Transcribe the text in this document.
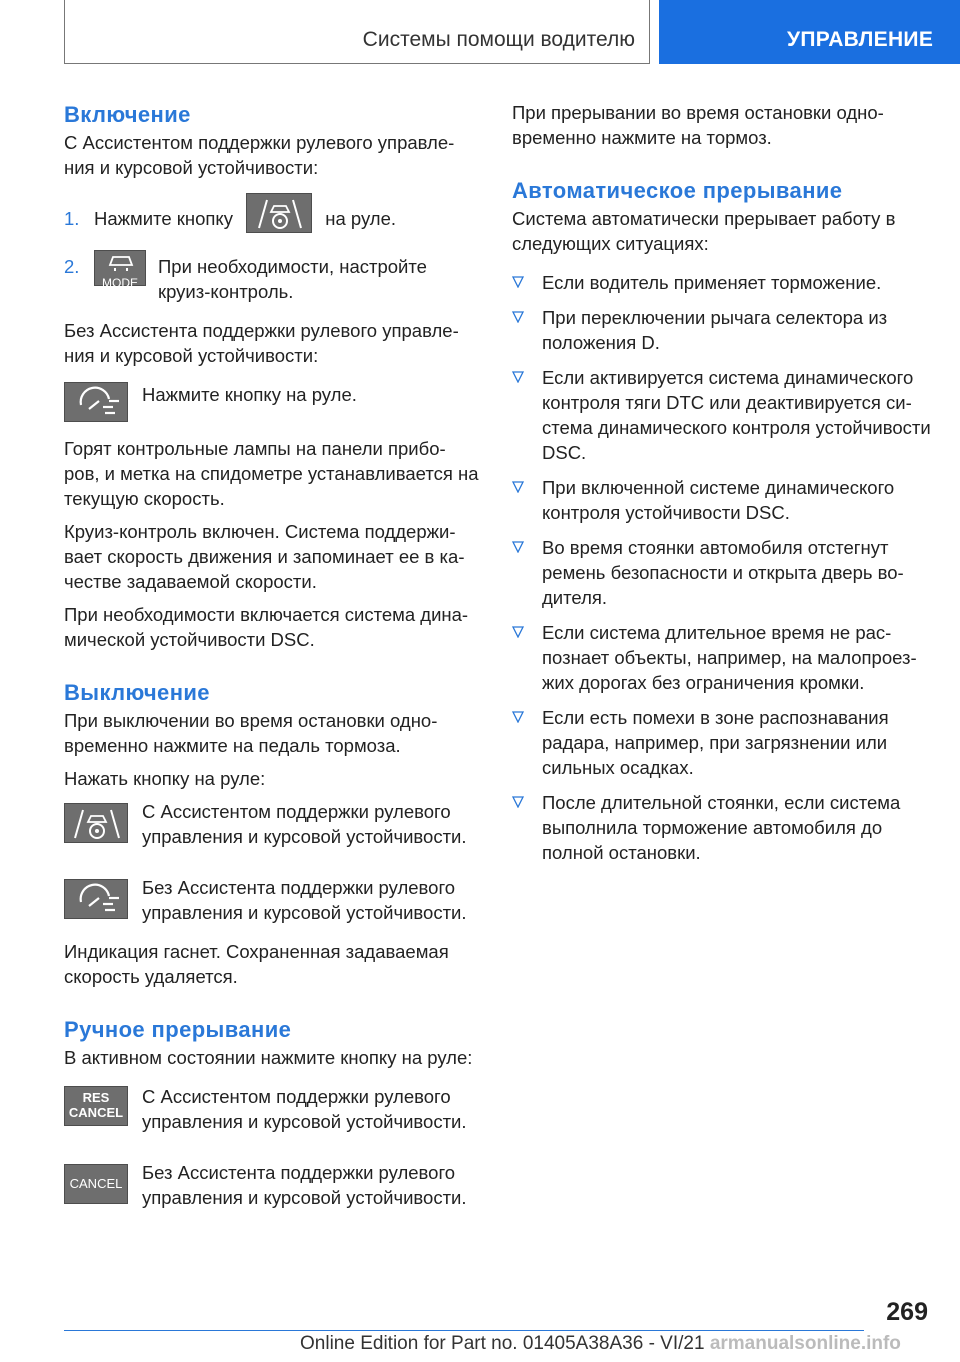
Системы помощи водителю	УПРАВЛЕНИЕ
Включение

С Ассистентом поддержки рулевого управле-ния и курсовой устойчивости:

1. Нажмите кнопку	на руле.
2.
MODE
При необходимости, настройте круиз-контроль.

Без Ассистента поддержки рулевого управле-ния и курсовой устойчивости:

Нажмите кнопку на руле.

Горят контрольные лампы на панели прибо-ров, и метка на спидометре устанавливается на текущую скорость.

Круиз-контроль включен. Система поддержи-вает скорость движения и запоминает ее в ка-честве задаваемой скорости.

При необходимости включается система дина-мической устойчивости DSC.

Выключение

При выключении во время остановки одно-временно нажмите на педаль тормоза.

Нажать кнопку на руле:

С Ассистентом поддержки рулевого управления и курсовой устойчивости.

Без Ассистента поддержки рулевого управления и курсовой устойчивости.

Индикация гаснет. Сохраненная задаваемая скорость удаляется.

Ручное прерывание

В активном состоянии нажмите кнопку на руле:

RES
CANCEL

С Ассистентом поддержки рулевого управления и курсовой устойчивости.

CANCEL

Без Ассистента поддержки рулевого управления и курсовой устойчивости.

При прерывании во время остановки одно-временно нажмите на тормоз.

Автоматическое прерывание

Система автоматически прерывает работу в следующих ситуациях:

Если водитель применяет торможение.
При переключении рычага селектора из положения D.
Если активируется система динамического контроля тяги DTC или деактивируется си-стема динамического контроля устойчивости DSC.
При включенной системе динамического контроля устойчивости DSC.
Во время стоянки автомобиля отстегнут ремень безопасности и открыта дверь во-дителя.
Если система длительное время не рас-познает объекты, например, на малопроез-жих дорогах без ограничения кромки.
Если есть помехи в зоне распознавания радара, например, при загрязнении или сильных осадках.
После длительной стоянки, если система выполнила торможение автомобиля до полной остановки.
269
Online Edition for Part no. 01405A38A36 - VI/21 armanualsonline.info
